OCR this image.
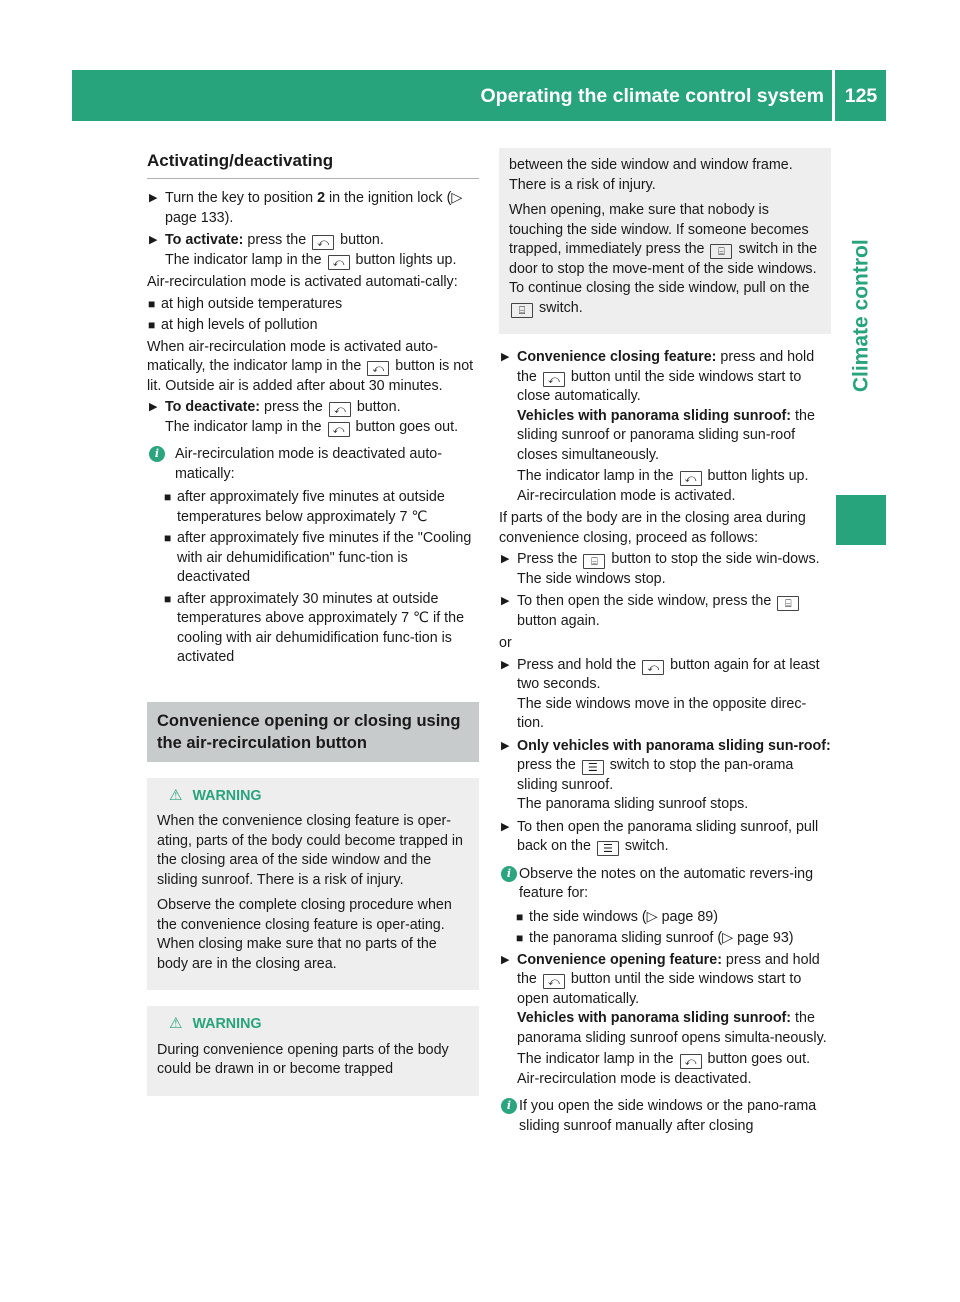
Operating the climate control system	125
Climate control
Activating/deactivating
▶ Turn the key to position 2 in the ignition lock (▷ page 133).
▶ To activate: press the ⤺ button.
The indicator lamp in the ⤺ button lights up.

Air-recirculation mode is activated automati-cally:

■ at high outside temperatures
■ at high levels of pollution

When air-recirculation mode is activated auto-matically, the indicator lamp in the ⤺ button is not lit. Outside air is added after about 30 minutes.

▶ To deactivate: press the ⤺ button.
The indicator lamp in the ⤺ button goes out.
i	Air-recirculation mode is deactivated auto-matically:
■ after approximately five minutes at outside temperatures below approximately 7 ℃
■ after approximately five minutes if the "Cooling with air dehumidification" func-tion is deactivated
■ after approximately 30 minutes at outside temperatures above approximately 7 ℃ if the cooling with air dehumidification func-tion is activated
Convenience opening or closing using the air-recirculation button
⚠ WARNING

When the convenience closing feature is oper-ating, parts of the body could become trapped in the closing area of the side window and the sliding sunroof. There is a risk of injury.

Observe the complete closing procedure when the convenience closing feature is oper-ating. When closing make sure that no parts of the body are in the closing area.

⚠ WARNING

During convenience opening parts of the body could be drawn in or become trapped

between the side window and window frame. There is a risk of injury.

When opening, make sure that nobody is touching the side window. If someone becomes trapped, immediately press the ⌸ switch in the door to stop the move-ment of the side windows. To continue closing the side window, pull on the ⌸ switch.

▶ Convenience closing feature: press and hold the ⤺ button until the side windows start to close automatically.
Vehicles with panorama sliding sunroof: the sliding sunroof or panorama sliding sun-roof closes simultaneously.
The indicator lamp in the ⤺ button lights up. Air-recirculation mode is activated.

If parts of the body are in the closing area during convenience closing, proceed as follows:

▶ Press the ⌸ button to stop the side win-dows.
The side windows stop.
▶ To then open the side window, press the ⌸ button again.

or

▶ Press and hold the ⤺ button again for at least two seconds.
The side windows move in the opposite direc-tion.
▶ Only vehicles with panorama sliding sun-roof: press the ☰ switch to stop the pan-orama sliding sunroof.
The panorama sliding sunroof stops.
▶ To then open the panorama sliding sunroof, pull back on the ☰ switch.
i Observe the notes on the automatic revers-ing feature for:
■ the side windows (▷ page 89)
■ the panorama sliding sunroof (▷ page 93)
▶ Convenience opening feature: press and hold the ⤺ button until the side windows start to open automatically.
Vehicles with panorama sliding sunroof: the panorama sliding sunroof opens simulta-neously.
The indicator lamp in the ⤺ button goes out. Air-recirculation mode is deactivated.
i If you open the side windows or the pano-rama sliding sunroof manually after closing
